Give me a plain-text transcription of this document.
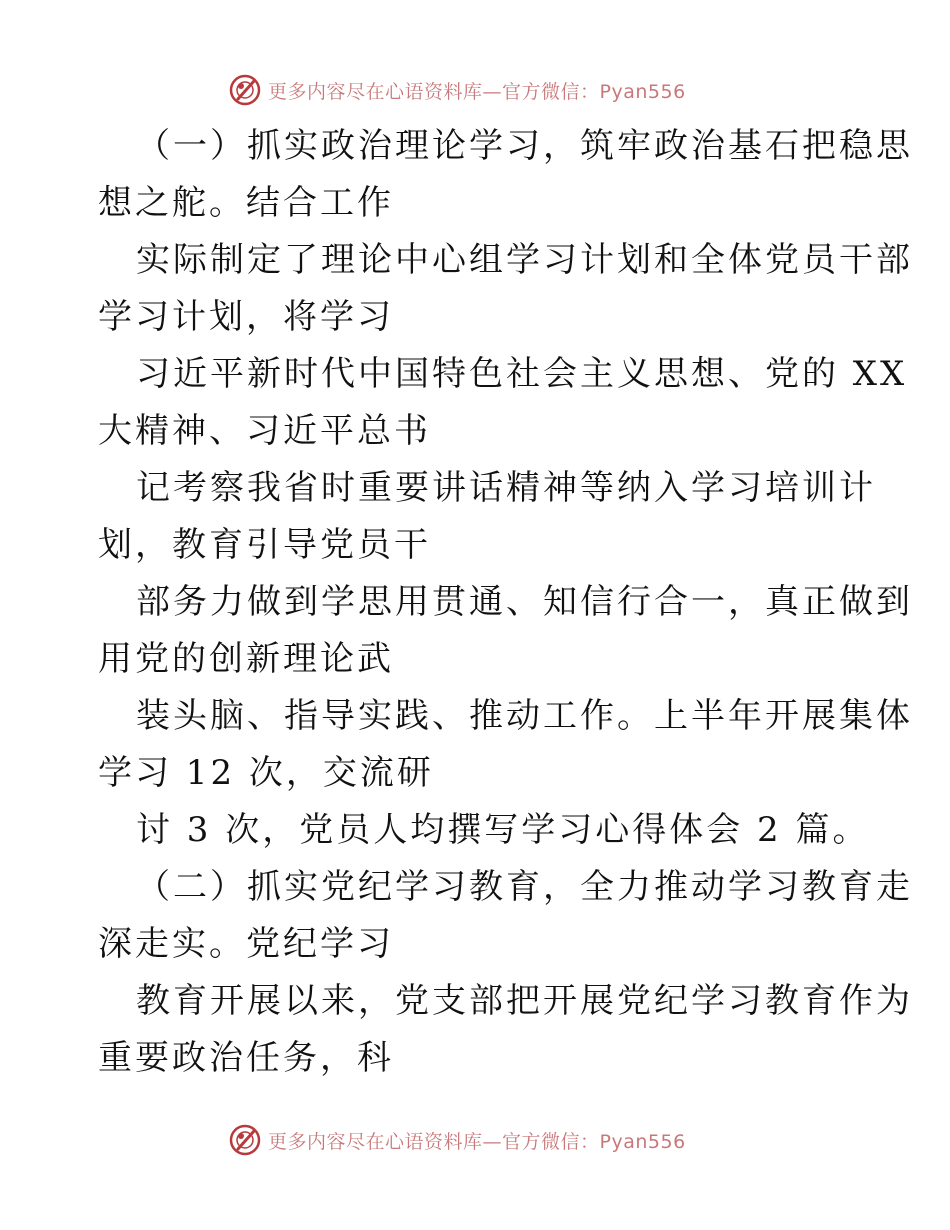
更多内容尽在心语资料库—官方微信：Pyan556
（一）抓实政治理论学习，筑牢政治基石把稳思
想之舵。结合工作
实际制定了理论中心组学习计划和全体党员干部
学习计划，将学习
习近平新时代中国特色社会主义思想、党的 XX
大精神、习近平总书
记考察我省时重要讲话精神等纳入学习培训计
划，教育引导党员干
部务力做到学思用贯通、知信行合一，真正做到
用党的创新理论武
装头脑、指导实践、推动工作。上半年开展集体
学习 12 次，交流研
讨 3 次，党员人均撰写学习心得体会 2 篇。
（二）抓实党纪学习教育，全力推动学习教育走
深走实。党纪学习
教育开展以来，党支部把开展党纪学习教育作为
重要政治任务，科
更多内容尽在心语资料库—官方微信：Pyan556
